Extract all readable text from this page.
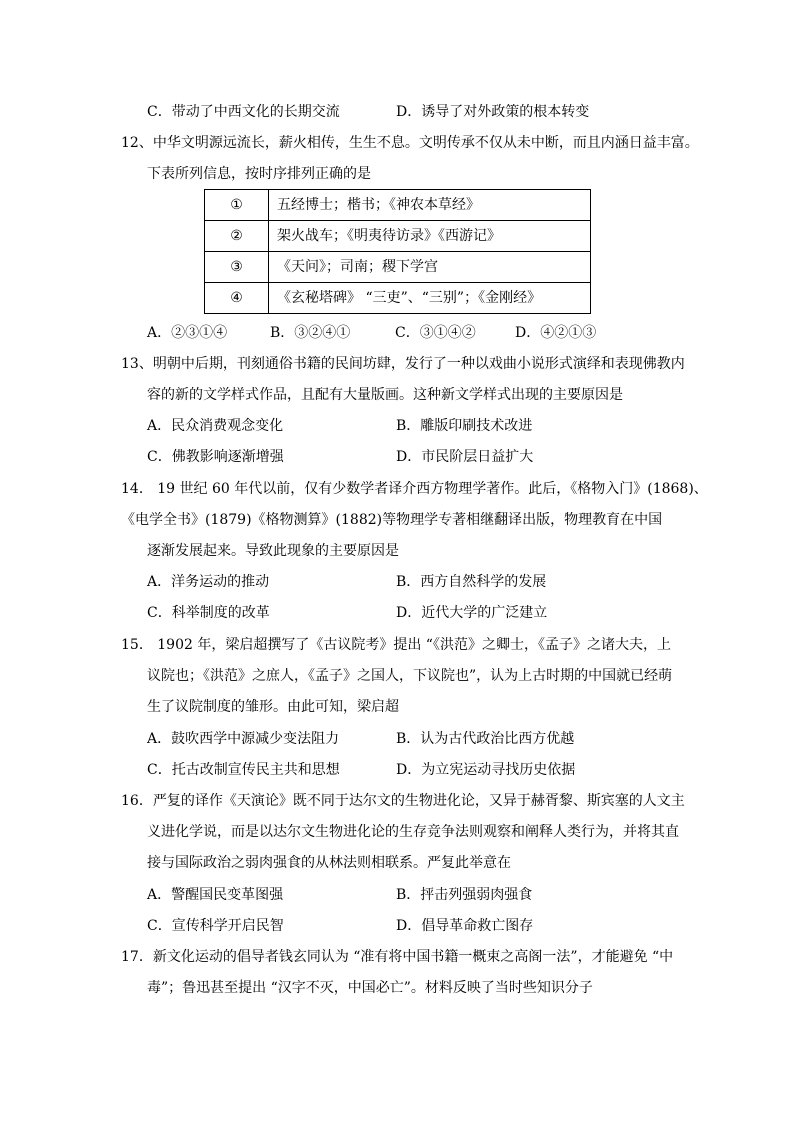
C．带动了中西文化的长期交流	D．诱导了对外政策的根本转变
12、中华文明源远流长，薪火相传，生生不息。文明传承不仅从未中断，而且内涵日益丰富。
下表所列信息，按时序排列正确的是
①	五经博士；楷书；《神农本草经》
②	架火战车；《明夷待访录》《西游记》
③	《天问》；司南；稷下学宫
④	《玄秘塔碑》 “三吏”、“三别”；《金刚经》
A．②③①④	B．③②④①	C．③①④②	D．④②①③
13、明朝中后期，刊刻通俗书籍的民间坊肆，发行了一种以戏曲小说形式演绎和表现佛教内
容的新的文学样式作品，且配有大量版画。这种新文学样式出现的主要原因是
A．民众消费观念变化	B．雕版印刷技术改进
C．佛教影响逐渐增强	D．市民阶层日益扩大
14． 19 世纪 60 年代以前，仅有少数学者译介西方物理学著作。此后，《格物入门》(1868)、
《电学全书》(1879)《格物测算》(1882)等物理学专著相继翻译出版，物理教育在中国
逐渐发展起来。导致此现象的主要原因是
A．洋务运动的推动	B．西方自然科学的发展
C．科举制度的改革	D．近代大学的广泛建立
15． 1902 年，梁启超撰写了《古议院考》提出 “《洪范》之卿士，《孟子》之诸大夫，上
议院也；《洪范》之庶人，《孟子》之国人，下议院也”，认为上古时期的中国就已经萌
生了议院制度的雏形。由此可知，梁启超
A．鼓吹西学中源减少变法阻力	B．认为古代政治比西方优越
C．托古改制宣传民主共和思想	D．为立宪运动寻找历史依据
16．严复的译作《天演论》既不同于达尔文的生物进化论，又异于赫胥黎、斯宾塞的人文主
义进化学说，而是以达尔文生物进化论的生存竞争法则观察和阐释人类行为，并将其直
接与国际政治之弱肉强食的从林法则相联系。严复此举意在
A．警醒国民变革图强	B．抨击列强弱肉强食
C．宣传科学开启民智	D．倡导革命救亡图存
17．新文化运动的倡导者钱玄同认为 “准有将中国书籍一概束之高阁一法”，才能避免 “中
毒”；鲁迅甚至提出 “汉字不灭，中国必亡”。材料反映了当时些知识分子
